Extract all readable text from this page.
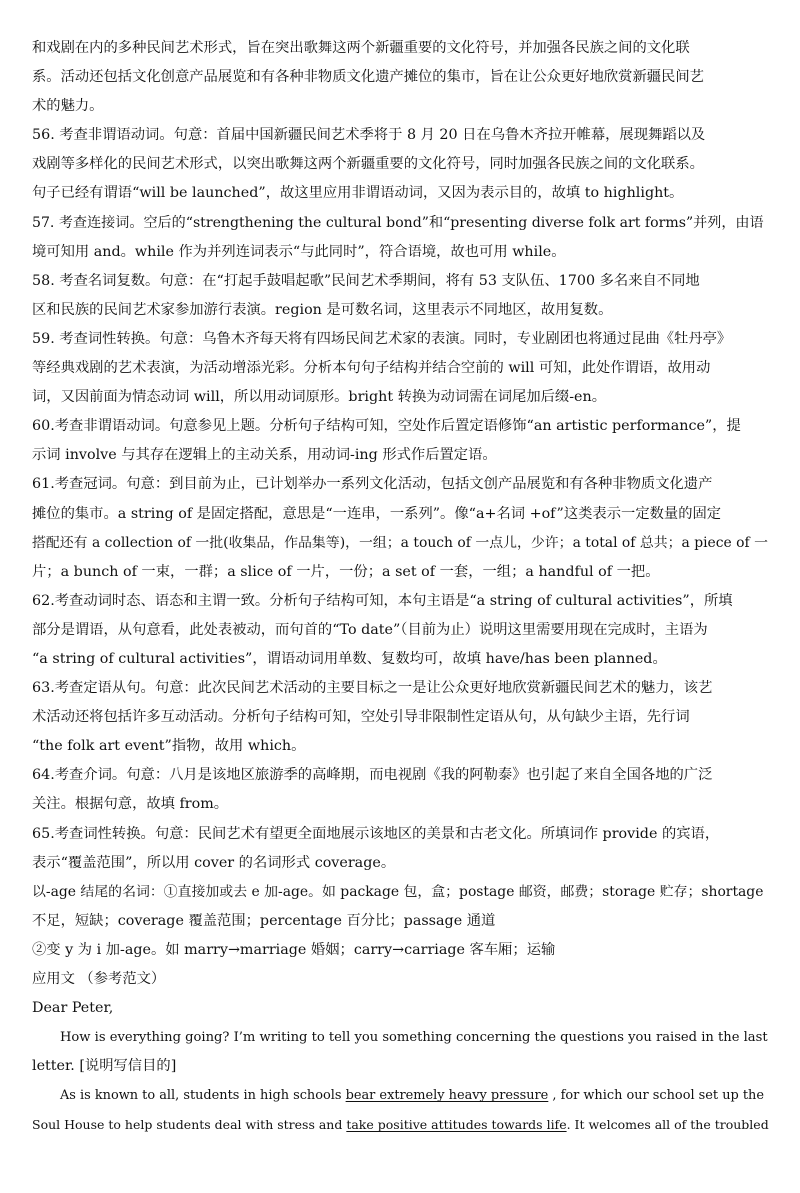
和戏剧在内的多种民间艺术形式，旨在突出歌舞这两个新疆重要的文化符号，并加强各民族之间的文化联
系。活动还包括文化创意产品展览和有各种非物质文化遗产摊位的集市，旨在让公众更好地欣赏新疆民间艺
术的魅力。
56. 考查非谓语动词。句意：首届中国新疆民间艺术季将于 8 月 20 日在乌鲁木齐拉开帷幕，展现舞蹈以及
戏剧等多样化的民间艺术形式，以突出歌舞这两个新疆重要的文化符号，同时加强各民族之间的文化联系。
句子已经有谓语“will be launched”，故这里应用非谓语动词，又因为表示目的，故填 to highlight。
57. 考查连接词。空后的“strengthening the cultural bond”和“presenting diverse folk art forms”并列，由语
境可知用 and。while 作为并列连词表示“与此同时”，符合语境，故也可用 while。
58. 考查名词复数。句意：在“打起手鼓唱起歌”民间艺术季期间，将有 53 支队伍、1700 多名来自不同地
区和民族的民间艺术家参加游行表演。region 是可数名词，这里表示不同地区，故用复数。
59. 考查词性转换。句意：乌鲁木齐每天将有四场民间艺术家的表演。同时，专业剧团也将通过昆曲《牡丹亭》
等经典戏剧的艺术表演，为活动增添光彩。分析本句句子结构并结合空前的 will 可知，此处作谓语，故用动
词，又因前面为情态动词 will，所以用动词原形。bright 转换为动词需在词尾加后缀-en。
60.考查非谓语动词。句意参见上题。分析句子结构可知，空处作后置定语修饰“an artistic performance”，提
示词 involve 与其存在逻辑上的主动关系，用动词-ing 形式作后置定语。
61.考查冠词。句意：到目前为止，已计划举办一系列文化活动，包括文创产品展览和有各种非物质文化遗产
摊位的集市。a string of 是固定搭配，意思是“一连串，一系列”。像“a+名词 +of”这类表示一定数量的固定
搭配还有 a collection of 一批(收集品，作品集等)，一组；a touch of 一点儿，少许；a total of 总共；a piece of 一
片；a bunch of 一束，一群；a slice of 一片，一份；a set of 一套，一组；a handful of 一把。
62.考查动词时态、语态和主谓一致。分析句子结构可知，本句主语是“a string of cultural activities”，所填
部分是谓语，从句意看，此处表被动，而句首的“To date”（目前为止）说明这里需要用现在完成时，主语为
“a string of cultural activities”，谓语动词用单数、复数均可，故填 have/has been planned。
63.考查定语从句。句意：此次民间艺术活动的主要目标之一是让公众更好地欣赏新疆民间艺术的魅力，该艺
术活动还将包括许多互动活动。分析句子结构可知，空处引导非限制性定语从句，从句缺少主语，先行词
“the folk art event”指物，故用 which。
64.考查介词。句意：八月是该地区旅游季的高峰期，而电视剧《我的阿勒泰》也引起了来自全国各地的广泛
关注。根据句意，故填 from。
65.考查词性转换。句意：民间艺术有望更全面地展示该地区的美景和古老文化。所填词作 provide 的宾语，
表示“覆盖范围”，所以用 cover 的名词形式 coverage。
以-age 结尾的名词：①直接加或去 e 加-age。如 package 包，盒；postage 邮资，邮费；storage 贮存；shortage
不足，短缺；coverage 覆盖范围；percentage 百分比；passage 通道
②变 y 为 i 加-age。如 marry→marriage 婚姻；carry→carriage 客车厢；运输
应用文 （参考范文）
Dear Peter,
How is everything going? I’m writing to tell you something concerning the questions you raised in the last
letter. [说明写信目的]
As is known to all, students in high schools bear extremely heavy pressure , for which our school set up the
Soul House to help students deal with stress and take positive attitudes towards life. It welcomes all of the troubled
